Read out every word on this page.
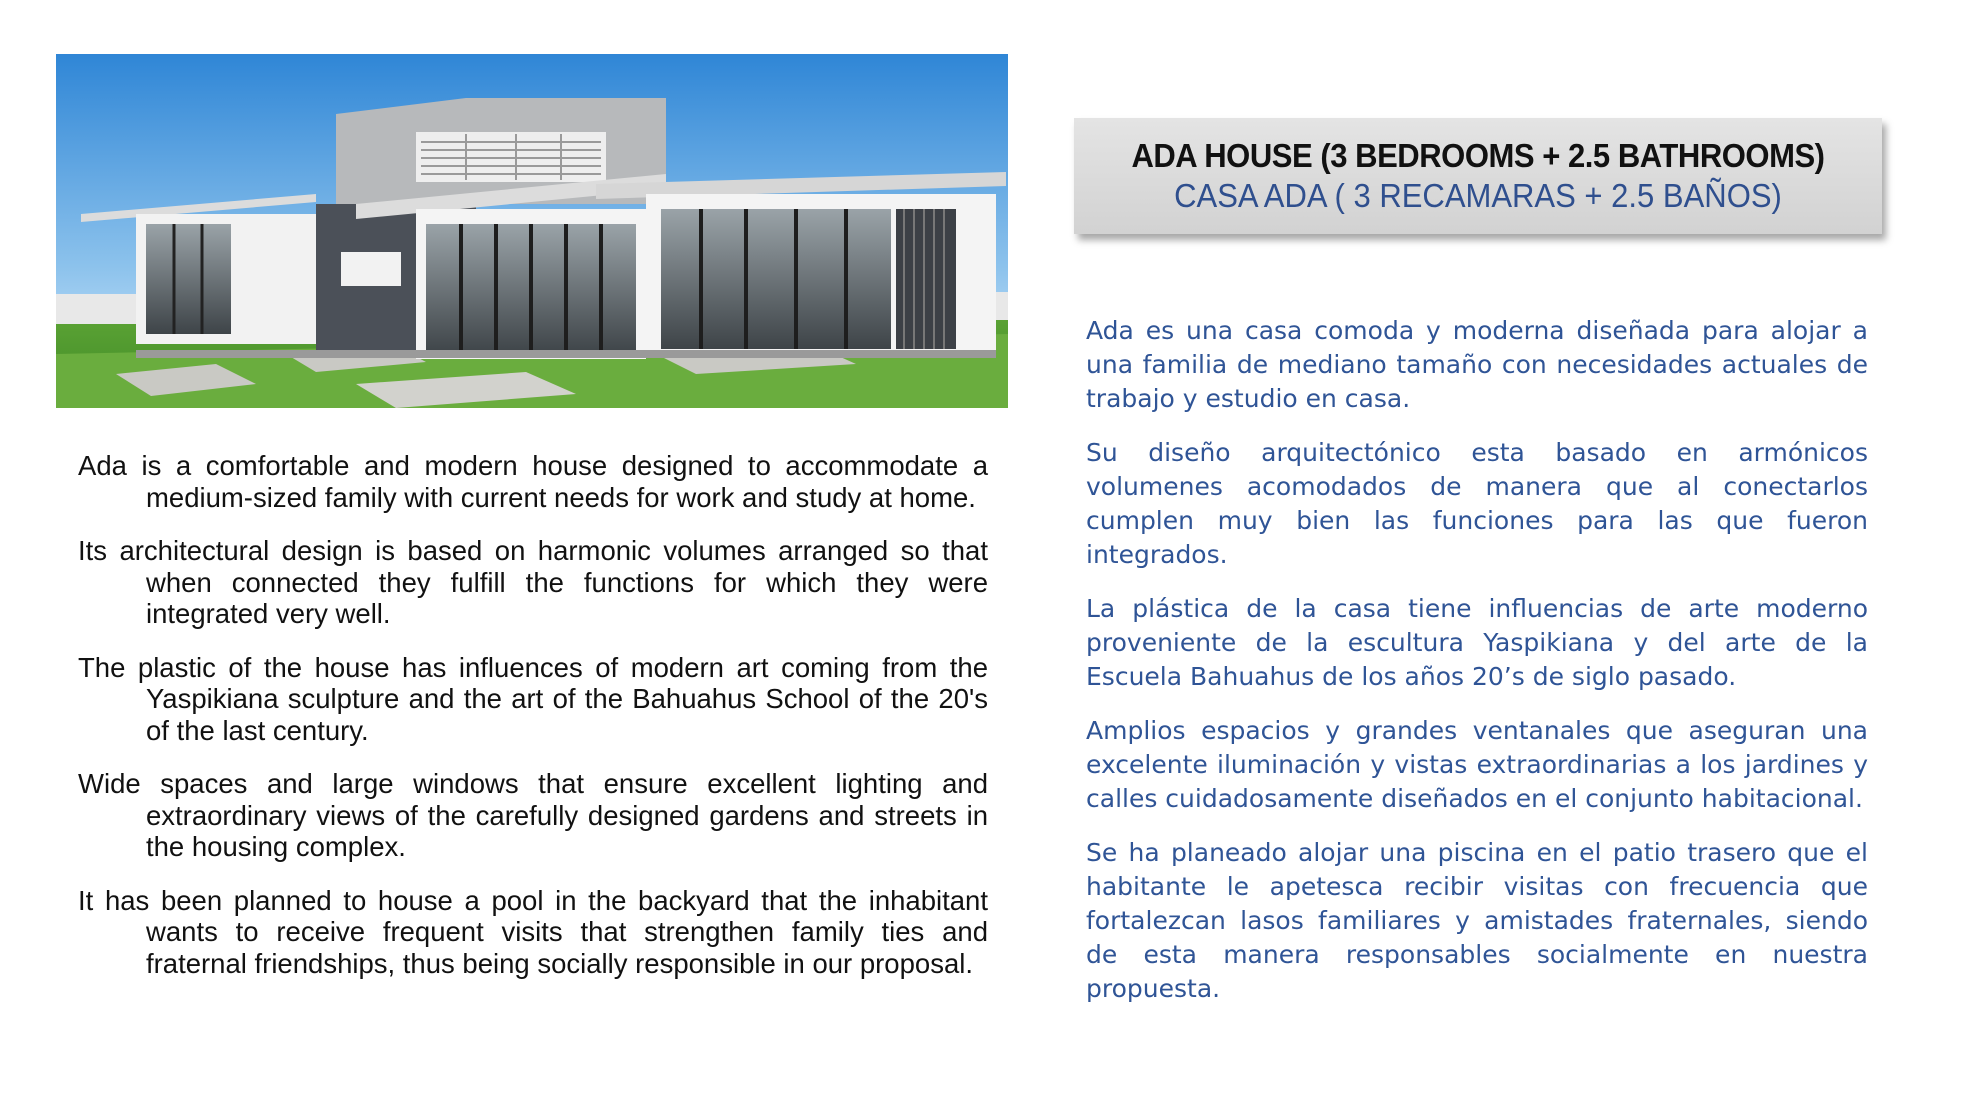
Ada is a comfortable and modern house designed to accommodate a medium-sized family with current needs for work and study at home.

Its architectural design is based on harmonic volumes arranged so that when connected they fulfill the functions for which they were integrated very well.

The plastic of the house has influences of modern art coming from the Yaspikiana sculpture and the art of the Bahuahus School of the 20's of the last century.

Wide spaces and large windows that ensure excellent lighting and extraordinary views of the carefully designed gardens and streets in the housing complex.

It has been planned to house a pool in the backyard that the inhabitant wants to receive frequent visits that strengthen family ties and fraternal friendships, thus being socially responsible in our proposal.

ADA HOUSE (3 BEDROOMS + 2.5 BATHROOMS)
CASA ADA ( 3 RECAMARAS + 2.5 BAÑOS)

Ada es una casa comoda y moderna diseñada para alojar a una familia de mediano tamaño con necesidades actuales de trabajo y estudio en casa.

Su diseño arquitectónico esta basado en armónicos volumenes acomodados de manera que al conectarlos cumplen muy bien las funciones para las que fueron integrados.

La plástica de la casa tiene influencias de arte moderno proveniente de la escultura Yaspikiana y del arte de la Escuela Bahuahus de los años 20’s de siglo pasado.

Amplios espacios y grandes ventanales que aseguran una excelente iluminación y vistas extraordinarias a los jardines y calles cuidadosamente diseñados en el conjunto habitacional.

Se ha planeado alojar una piscina en el patio trasero que el habitante le apetesca recibir visitas con frecuencia que fortalezcan lasos familiares y amistades fraternales, siendo de esta manera responsables socialmente en nuestra propuesta.
